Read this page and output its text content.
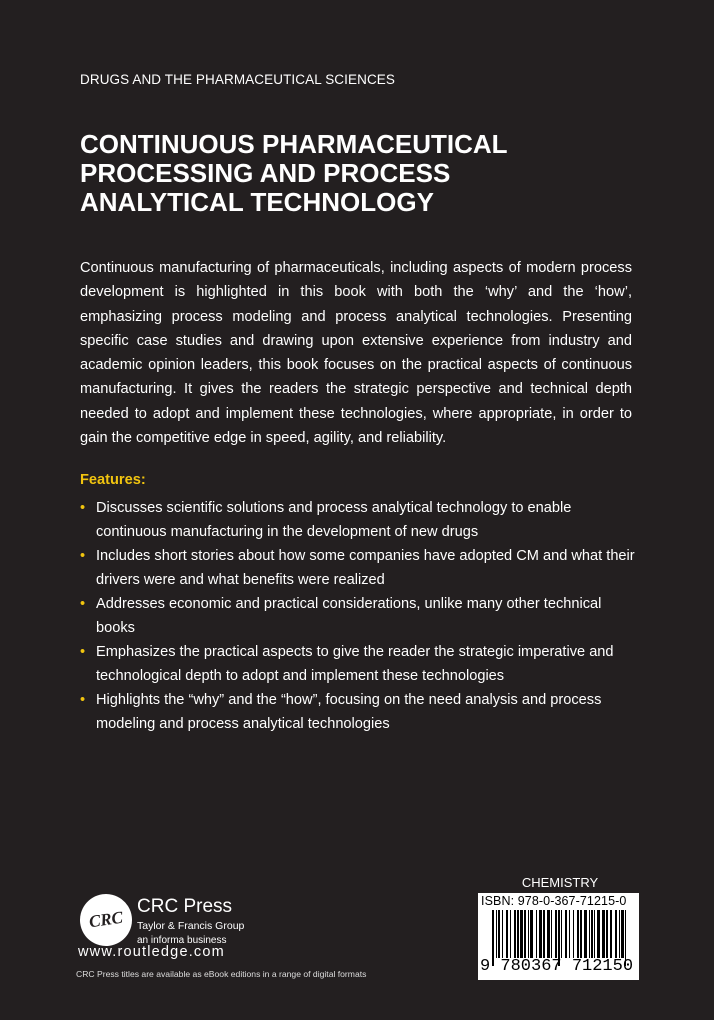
DRUGS AND THE PHARMACEUTICAL SCIENCES
CONTINUOUS PHARMACEUTICAL
PROCESSING AND PROCESS
ANALYTICAL TECHNOLOGY
Continuous manufacturing of pharmaceuticals, including aspects of modern process development is highlighted in this book with both the ‘why’ and the ‘how’, emphasizing process modeling and process analytical technologies. Presenting specific case studies and drawing upon extensive experience from industry and academic opinion leaders, this book focuses on the practical aspects of continuous manufacturing. It gives the readers the strategic perspective and technical depth needed to adopt and implement these technologies, where appropriate, in order to gain the competitive edge in speed, agility, and reliability.
Features:
• Discusses scientific solutions and process analytical technology to enable continuous manufacturing in the development of new drugs
• Includes short stories about how some companies have adopted CM and what their drivers were and what benefits were realized
• Addresses economic and practical considerations, unlike many other technical books
• Emphasizes the practical aspects to give the reader the strategic imperative and technological depth to adopt and implement these technologies
• Highlights the “why” and the “how”, focusing on the need analysis and process modeling and process analytical technologies
CRC
CRC Press
Taylor & Francis Group
an informa business
www.routledge.com
CRC Press titles are available as eBook editions in a range of digital formats
CHEMISTRY
ISBN: 978-0-367-71215-0
9 780367 712150
